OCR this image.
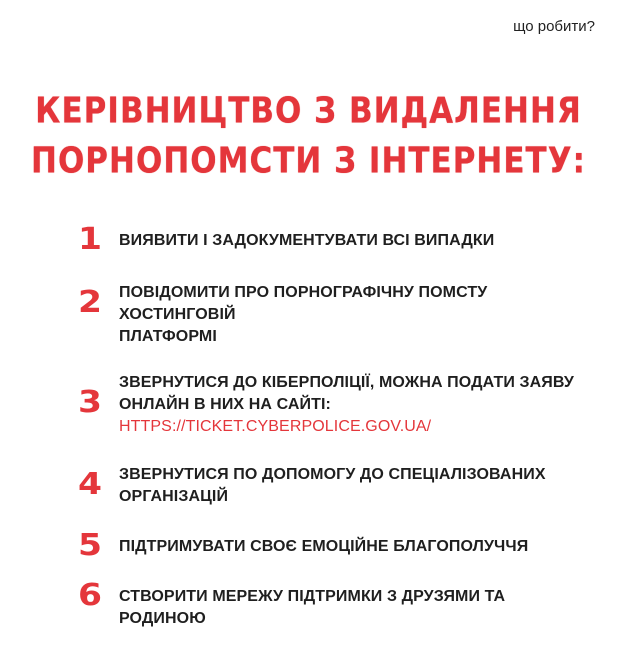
що робити?
КЕРІВНИЦТВО З ВИДАЛЕННЯ
ПОРНОПОМСТИ З ІНТЕРНЕТУ:
1	ВИЯВИТИ І ЗАДОКУМЕНТУВАТИ ВСІ ВИПАДКИ
2	ПОВІДОМИТИ ПРО ПОРНОГРАФІЧНУ ПОМСТУ ХОСТИНГОВІЙ
ПЛАТФОРМІ
3
ЗВЕРНУТИСЯ ДО КІБЕРПОЛІЦІЇ, МОЖНА ПОДАТИ ЗАЯВУ
ОНЛАЙН В НИХ НА САЙТІ:
HTTPS://TICKET.CYBERPOLICE.GOV.UA/
4	ЗВЕРНУТИСЯ ПО ДОПОМОГУ ДО СПЕЦІАЛІЗОВАНИХ
ОРГАНІЗАЦІЙ
5	ПІДТРИМУВАТИ СВОЄ ЕМОЦІЙНЕ БЛАГОПОЛУЧЧЯ
6	СТВОРИТИ МЕРЕЖУ ПІДТРИМКИ З ДРУЗЯМИ ТА РОДИНОЮ
